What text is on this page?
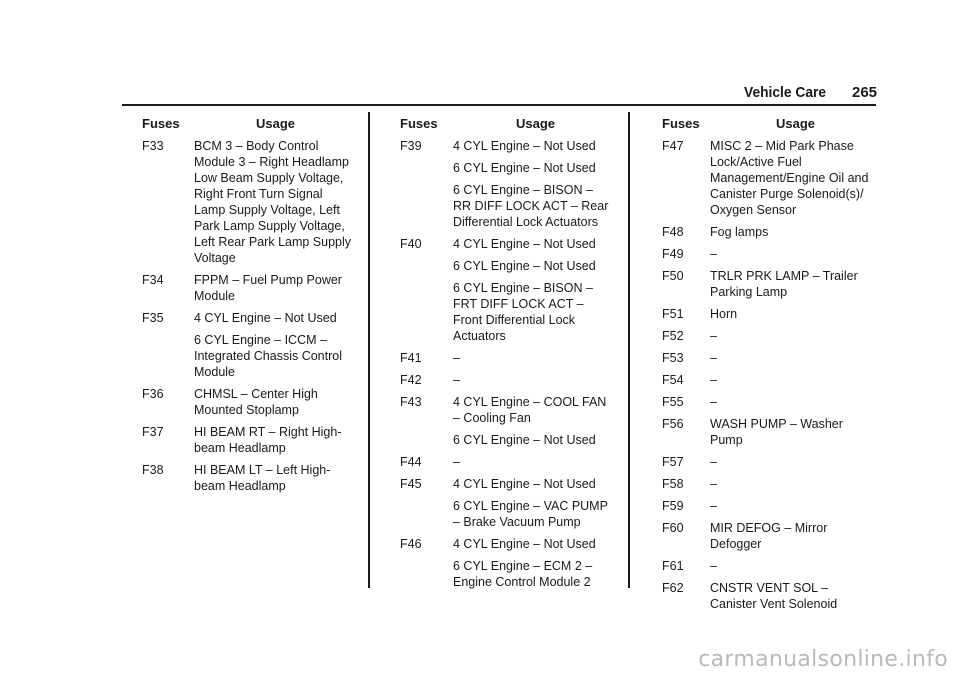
Vehicle Care 265
Fuses	Usage
F33 BCM 3 – Body Control Module 3 – Right Headlamp Low Beam Supply Voltage, Right Front Turn Signal Lamp Supply Voltage, Left Park Lamp Supply Voltage, Left Rear Park Lamp Supply Voltage
F34 FPPM – Fuel Pump Power Module
F35 4 CYL Engine – Not Used
6 CYL Engine – ICCM – Integrated Chassis Control Module
F36 CHMSL – Center High Mounted Stoplamp
F37 HI BEAM RT – Right High-beam Headlamp
F38 HI BEAM LT – Left High-beam Headlamp
Fuses	Usage
F39	4 CYL Engine – Not Used
6 CYL Engine – Not Used
6 CYL Engine – BISON – RR DIFF LOCK ACT – Rear Differential Lock Actuators
F40	4 CYL Engine – Not Used
6 CYL Engine – Not Used
6 CYL Engine – BISON – FRT DIFF LOCK ACT – Front Differential Lock Actuators
F41	–
F42	–
F43	4 CYL Engine – COOL FAN – Cooling Fan
6 CYL Engine – Not Used
F44	–
F45	4 CYL Engine – Not Used
6 CYL Engine – VAC PUMP – Brake Vacuum Pump
F46	4 CYL Engine – Not Used
6 CYL Engine – ECM 2 – Engine Control Module 2
Fuses	Usage
F47 MISC 2 – Mid Park Phase Lock/Active Fuel Management/Engine Oil and Canister Purge Solenoid(s)/ Oxygen Sensor
F48 Fog lamps
F49 –
F50 TRLR PRK LAMP – Trailer Parking Lamp
F51 Horn
F52 –
F53 –
F54 –
F55 –
F56 WASH PUMP – Washer Pump
F57 –
F58 –
F59 –
F60 MIR DEFOG – Mirror Defogger
F61 –
F62 CNSTR VENT SOL – Canister Vent Solenoid
carmanualsonline.info
